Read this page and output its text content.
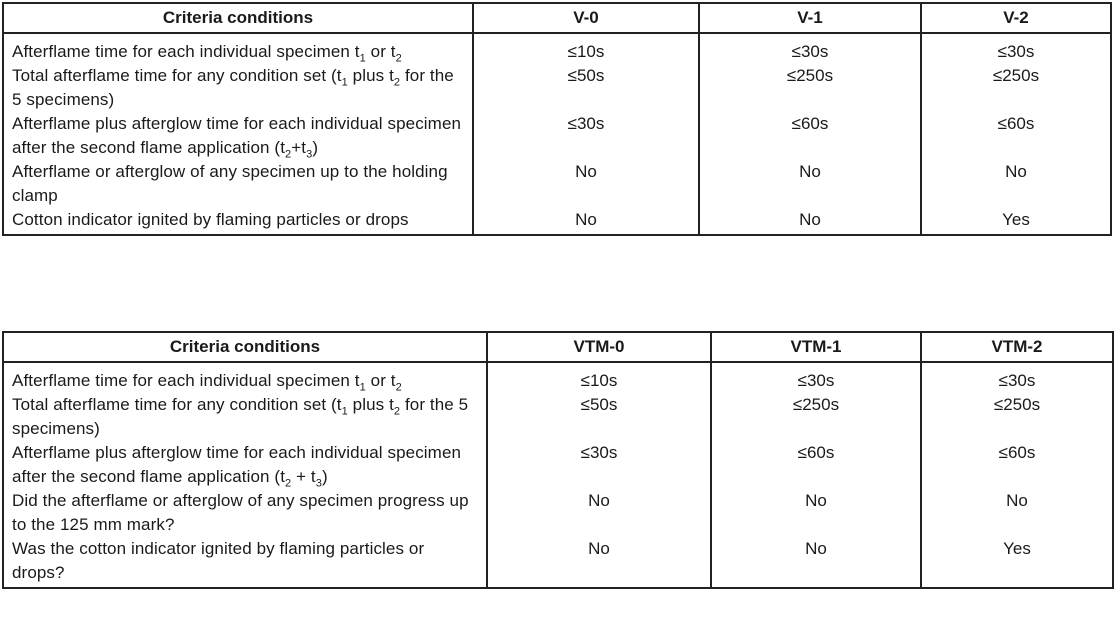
Criteria conditions	V-0	V-1	V-2
Afterflame time for each individual specimen $t_1$ or $t_2$	≤10s	≤30s	≤30s
Total afterflame time for any condition set ($t_1$ plus $t_2$ for the 5 specimens)	≤50s	≤250s	≤250s
Afterflame plus afterglow time for each individual specimen after the second flame application $(t_2+t_3)$	≤30s	≤60s	≤60s
Afterflame or afterglow of any specimen up to the holding clamp	No	No	No
Cotton indicator ignited by flaming particles or drops	No	No	Yes
Criteria conditions	VTM-0	VTM-1	VTM-2
Afterflame time for each individual specimen $t_1$ or $t_2$	≤10s	≤30s	≤30s
Total afterflame time for any condition set ($t_1$ plus $t_2$ for the 5 specimens)	≤50s	≤250s	≤250s
Afterflame plus afterglow time for each individual specimen after the second flame application $(t_2 + t_3)$	≤30s	≤60s	≤60s
Did the afterflame or afterglow of any specimen progress up to the 125 mm mark?	No	No	No
Was the cotton indicator ignited by flaming particles or drops?	No	No	Yes
